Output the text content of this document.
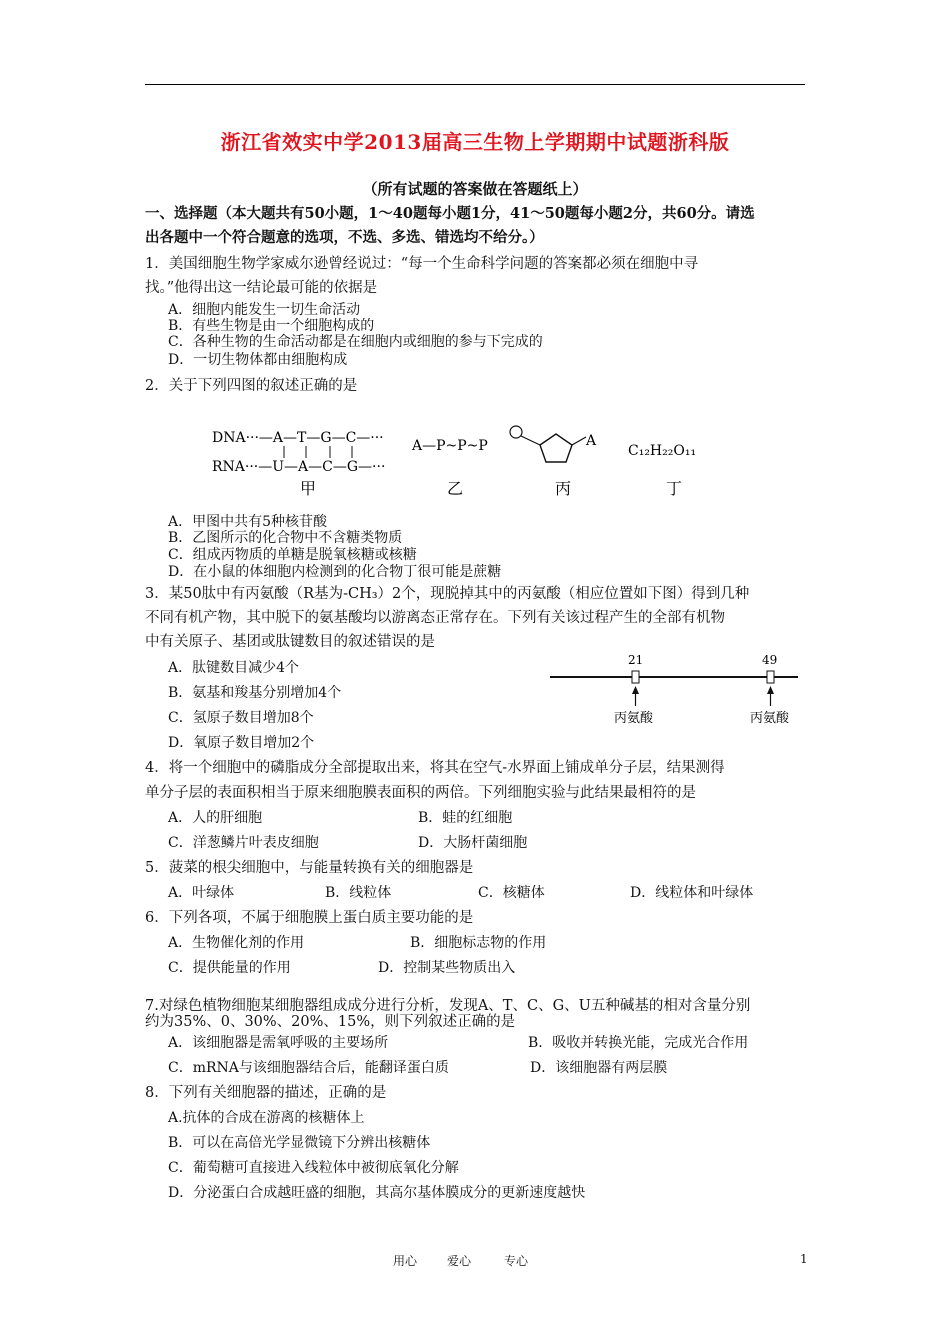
浙江省效实中学2013届高三生物上学期期中试题浙科版
（所有试题的答案做在答题纸上）
一、选择题（本大题共有50小题，1～40题每小题1分，41～50题每小题2分，共60分。请选
出各题中一个符合题意的选项，不选、多选、错选均不给分。）
1．美国细胞生物学家威尔逊曾经说过：“每一个生命科学问题的答案都必须在细胞中寻
找。”他得出这一结论最可能的依据是
A．细胞内能发生一切生命活动
B．有些生物是由一个细胞构成的
C．各种生物的生命活动都是在细胞内或细胞的参与下完成的
D．一切生物体都由细胞构成
2．关于下列四图的叙述正确的是
DNA···—A—T—G—C—···
RNA···—U—A—C—G—···
A—P~P~P	A
C₁₂H₂₂O₁₁
甲	乙	丙	丁
A．甲图中共有5种核苷酸
B．乙图所示的化合物中不含糖类物质
C．组成丙物质的单糖是脱氧核糖或核糖
D．在小鼠的体细胞内检测到的化合物丁很可能是蔗糖
3．某50肽中有丙氨酸（R基为-CH₃）2个，现脱掉其中的丙氨酸（相应位置如下图）得到几种
不同有机产物，其中脱下的氨基酸均以游离态正常存在。下列有关该过程产生的全部有机物
中有关原子、基团或肽键数目的叙述错误的是
21	49
丙氨酸	丙氨酸
A．肽键数目减少4个
B．氨基和羧基分别增加4个
C．氢原子数目增加8个
D．氧原子数目增加2个
4．将一个细胞中的磷脂成分全部提取出来，将其在空气-水界面上铺成单分子层，结果测得
单分子层的表面积相当于原来细胞膜表面积的两倍。下列细胞实验与此结果最相符的是
A．人的肝细胞	B．蛙的红细胞
C．洋葱鳞片叶表皮细胞	D．大肠杆菌细胞
5．菠菜的根尖细胞中，与能量转换有关的细胞器是
A．叶绿体	B．线粒体	C．核糖体	D．线粒体和叶绿体
6．下列各项，不属于细胞膜上蛋白质主要功能的是
A．生物催化剂的作用	B．细胞标志物的作用
C．提供能量的作用	D．控制某些物质出入
7.对绿色植物细胞某细胞器组成成分进行分析，发现A、T、C、G、U五种碱基的相对含量分别
约为35%、0、30%、20%、15%，则下列叙述正确的是
A．该细胞器是需氧呼吸的主要场所	B．吸收并转换光能，完成光合作用
C．mRNA与该细胞器结合后，能翻译蛋白质	D．该细胞器有两层膜
8．下列有关细胞器的描述，正确的是
A.抗体的合成在游离的核糖体上
B．可以在高倍光学显微镜下分辨出核糖体
C．葡萄糖可直接进入线粒体中被彻底氧化分解
D．分泌蛋白合成越旺盛的细胞，其高尔基体膜成分的更新速度越快
用心 爱心	专心	1
